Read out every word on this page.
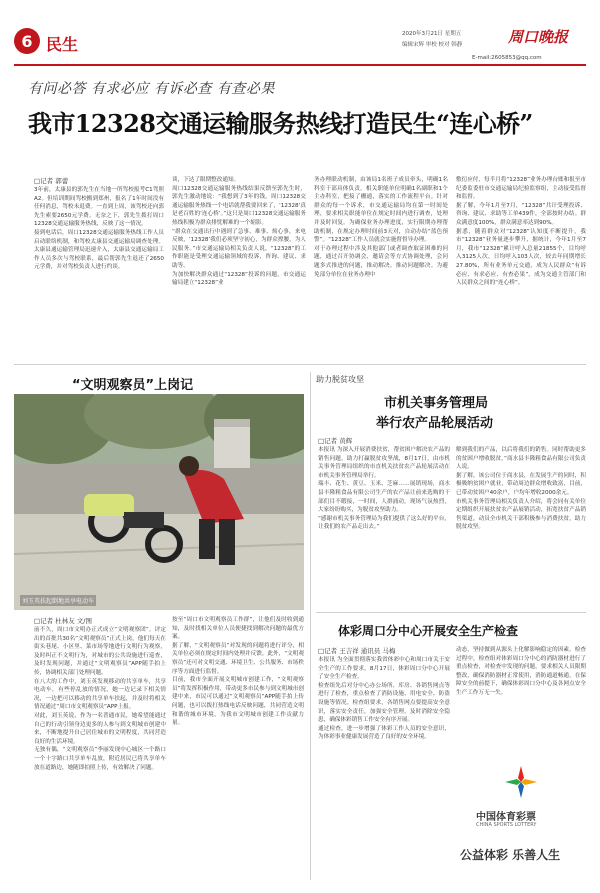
6 民生
2020年3月21日 星期五
编辑宋辉 审校 校对 韩静
E-mail:2605853@qq.com
周口晚报
有问必答 有求必应 有诉必查 有查必果
我市12328交通运输服务热线打造民生“连心桥”
□记者 郭蕾
3年前，太康县的郭先生在当地一所驾校报考C1驾照A2。但培训期间驾校搬到郑州，报名了1年时间没有任何消息，驾校未退费。一直到上周，该驾校还向郭先生索要2650元学费。无奈之下，郭先生拨打周口12328交通运输服务热线，反映了这一情况。
接到电话后，周口12328交通运输服务热线工作人员启动联络机制，和驾校太康县交通运输局调查处理。太康县通运输管理局迅速介入，太康县交通运输局工作人员多次与驾校联系，最后帮郭先生退还了2650元学费，并对驾校负责人进行约谈。
谈，下达了限期整改通知。
周口12328交通运输服务热线结果反馈至郭先生时，郭先生激动地说：“我想到了3年的钱，周口12328交通运输服务热线一个电话就帮我要回来了，‘12328’真是老百姓的‘连心桥’。”这只是周口12328交通运输服务热线积极为群众排忧解难的一个缩影。
“群众在交通出行中遇到了急事、难事、烦心事，来电反映，‘12328’我们必须坚守初心，为群众撑腰，为人民服务。”市交通运输局相关负责人说，“12328”的工作职能是受理交通运输领域的投诉、咨询、建议、求助等。
为加快解决群众通过“12328”投诉的问题，市交通运输局建立“12328”业
务办理联动机制，由该局1名班子成员牵头，明确1名科室干部具体负责，相关职能单位明确1名副职和1个主办科室，把接了栅通，落实的工作流程平台。针对群众的每一个诉求，市交通运输局均在第一时间处理，要求相关职能单位在规定时间内进行调查，处理并及时回复。为确保业务办理进度，实行限期办理帮助机制，在规定办理时间前3天对，自动办结“蓝色预警”。“12328”工作人员就会实施督督导办理。
对于办理过程中涉及其他部门或者调查取证困难的问题，通过召开协调会、邀请会等方式协调处理，会问题多式推进的问题，推动解决。推动问题解决。为避免部分单位在业务办理中
敷衍应付，每半月将“12328”业务办理台账和报至市纪委监委驻市交通运输局纪检监察组，主动接受监督和监督。
据了解，今年1月至7月，“12328”共计受理投诉、咨询、建议、求助等工单439件，全部按时办结。群众满意度100%，群众满意率达到90%。
据悉，随着群众对“12328”认知度不断提升，我市“12328”业务量逐步攀升，据统计，今年1月至7月，我市“12328”累计呼入总量21855个，目均呼入3125人次，日均呼入103人次，较去年同期增长27.80%，所有业务单元交通，成为人民群众“有诉必应、有求必应、有查必果”。成为交通主管部门和人民群众之间的“连心桥”。
“文明观察员”上岗记
刘玉英扶起倒地共享电动车
□记者 杜林友 文/图
前不久，周口市文明办正式成立“文明观察团”。评定出的首批共30名“文明观察员”正式上岗，他们每天在街头巷尾、小区里、菜市场等地进行文明行为观察，及时纠正不文明行为，对城市的公共设施进行巡查，及时发现问题，并通过“文明观察员”APP随手拍上传，协调相关部门处理问题。
在八大的工作中，刘玉英发现移动的共享单车，共享电动车，有些停乱放的情况，她一边记录下相关情况，一边把可以移动的共享单车扶起，并及时将相关情况通过“周口市文明观察员”APP上报。
对此，刘玉英说，作为一名普通市民，她希望能通过自己的行动引领身边更多的人参与到文明城市创建中来，不断地提升自己居住城市的文明程度，共同营造良好的生活环境。
无独有偶，“文明观察员”李丽发现中心城区一个路口一个十字路口共享单车乱放，附近居民已将共享单车放在道路边，她随即拍照上传，有效解决了问题。
按至“周口市文明观察员工作群”，让他们及时收到通知，及时找相关单位人员便捷找到解决问题的最优方案。
据了解，“文明观察员”对发现的问题将进行评分，相关单位必须在规定时间内处理并反馈。此外，“文明观察员”还可对文明交通、环境卫生、公共服务、市场秩序等方面进行监督。
目前，我市全面开展文明城市创建工作，“文明观察员”将发挥积极作用，带动更多市民参与到文明城市创建中来，市民可以通过“文明观察员”APP随手拍上传问题，也可以拨打热线电话反映问题，共同营造文明和谐的城市环境，为我市文明城市创建工作贡献力量。
助力脱贫攻坚
市机关事务管理局
举行农产品轮展活动
□记者 黄辉
本报讯 为深入开展消费扶贫，帮贫困户解决农产品的销售问题，助力打赢脱贫攻坚战，8月17日，由市机关事务管理局组织的市直机关扶贫农产品轮展活动在市机关事务管理局举行。
瑞丰、花生、黄豆、玉米、芝麻……展销现场，商水县丰隆粗食品有限公司生产的农产品让前来选购的干部们目不暇接，一时间，人群涌动，现场气氛热烈，大家纷纷购买，为脱贫攻坚助力。
“感谢市机关事务管理局为我们提供了这么好的平台，让我们的农产品走出去。”
解到我们的产品，以后将我们的销售。同时帮助更多的贫困户增收脱贫。”商水县丰隆粗食品有限公司负责人说。
据了解，该公司位于商水县，在发展生产的同时，积极吸纳贫困户就业，带动周边群众增收致富，目前，已带动贫困户40余户，户均年增收2000余元。
市机关事务管理局相关负责人介绍，将会同有关单位定期组织开展扶贫农产品展销活动，拓宽扶贫产品销售渠道，动员全市机关干部积极参与消费扶贫，助力脱贫攻坚。
体彩周口分中心开展安全生产检查
□记者 王吉祥 通讯员 马梅
本报讯 为全面贯彻落实我省体彩中心和周口市关于安全生产的工作要求，8月17日，体彩周口分中心开展了安全生产检查。
检查组先后对分中心办公场所、库房、各销售网点等进行了检查，重点检查了消防设施、用电安全、防盗设施等情况。检查组要求，各销售网点要提高安全意识，落实安全责任，加强安全管理，及时消除安全隐患，确保体彩销售工作安全有序开展。
通过检查，进一步增强了体彩工作人员的安全意识，为体彩事业健康发展营造了良好的安全环境。
动态，坚持做到从源头上化解影响稳定的因素。检查过程中，检查组对体彩周口分中心的消防器材进行了重点检查，对检查中发现的问题，要求相关人员限期整改，确保消防器材正常使用，消防通道畅通，在保障安全的前提下，确保体彩周口分中心及各网点安全生产工作万无一失。
中国体育彩票
CHINA SPORTS LOTTERY
公益体彩 乐善人生
